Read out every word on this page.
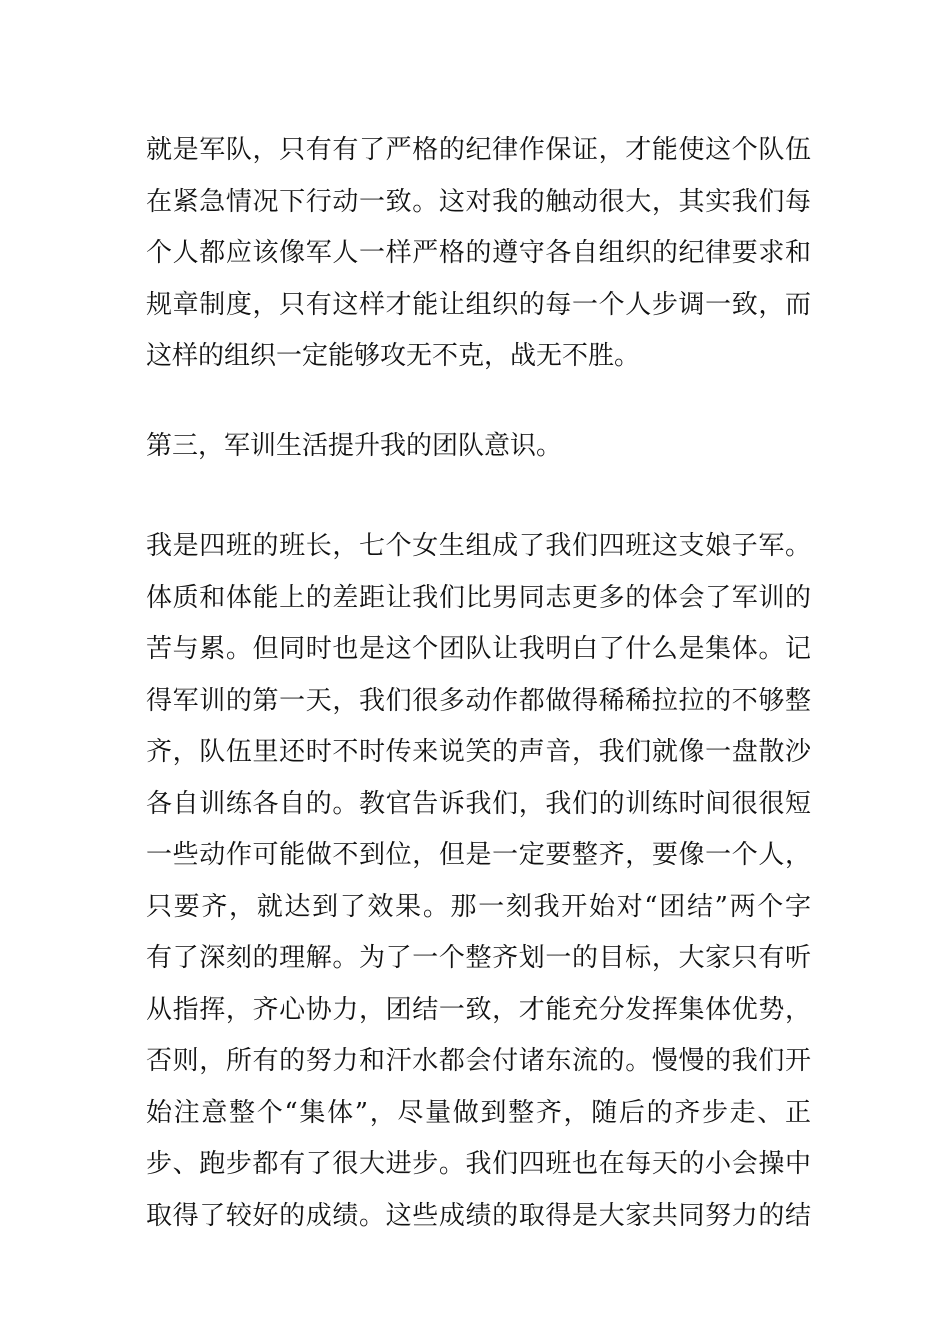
就是军队，只有有了严格的纪律作保证，才能使这个队伍
在紧急情况下行动一致。这对我的触动很大，其实我们每
个人都应该像军人一样严格的遵守各自组织的纪律要求和
规章制度，只有这样才能让组织的每一个人步调一致，而
这样的组织一定能够攻无不克，战无不胜。
第三，军训生活提升我的团队意识。
我是四班的班长，七个女生组成了我们四班这支娘子军。
体质和体能上的差距让我们比男同志更多的体会了军训的
苦与累。但同时也是这个团队让我明白了什么是集体。记
得军训的第一天，我们很多动作都做得稀稀拉拉的不够整
齐，队伍里还时不时传来说笑的声音，我们就像一盘散沙
各自训练各自的。教官告诉我们，我们的训练时间很很短
一些动作可能做不到位，但是一定要整齐，要像一个人，
只要齐，就达到了效果。那一刻我开始对“团结”两个字
有了深刻的理解。为了一个整齐划一的目标，大家只有听
从指挥，齐心协力，团结一致，才能充分发挥集体优势，
否则，所有的努力和汗水都会付诸东流的。慢慢的我们开
始注意整个“集体”，尽量做到整齐，随后的齐步走、正
步、跑步都有了很大进步。我们四班也在每天的小会操中
取得了较好的成绩。这些成绩的取得是大家共同努力的结
